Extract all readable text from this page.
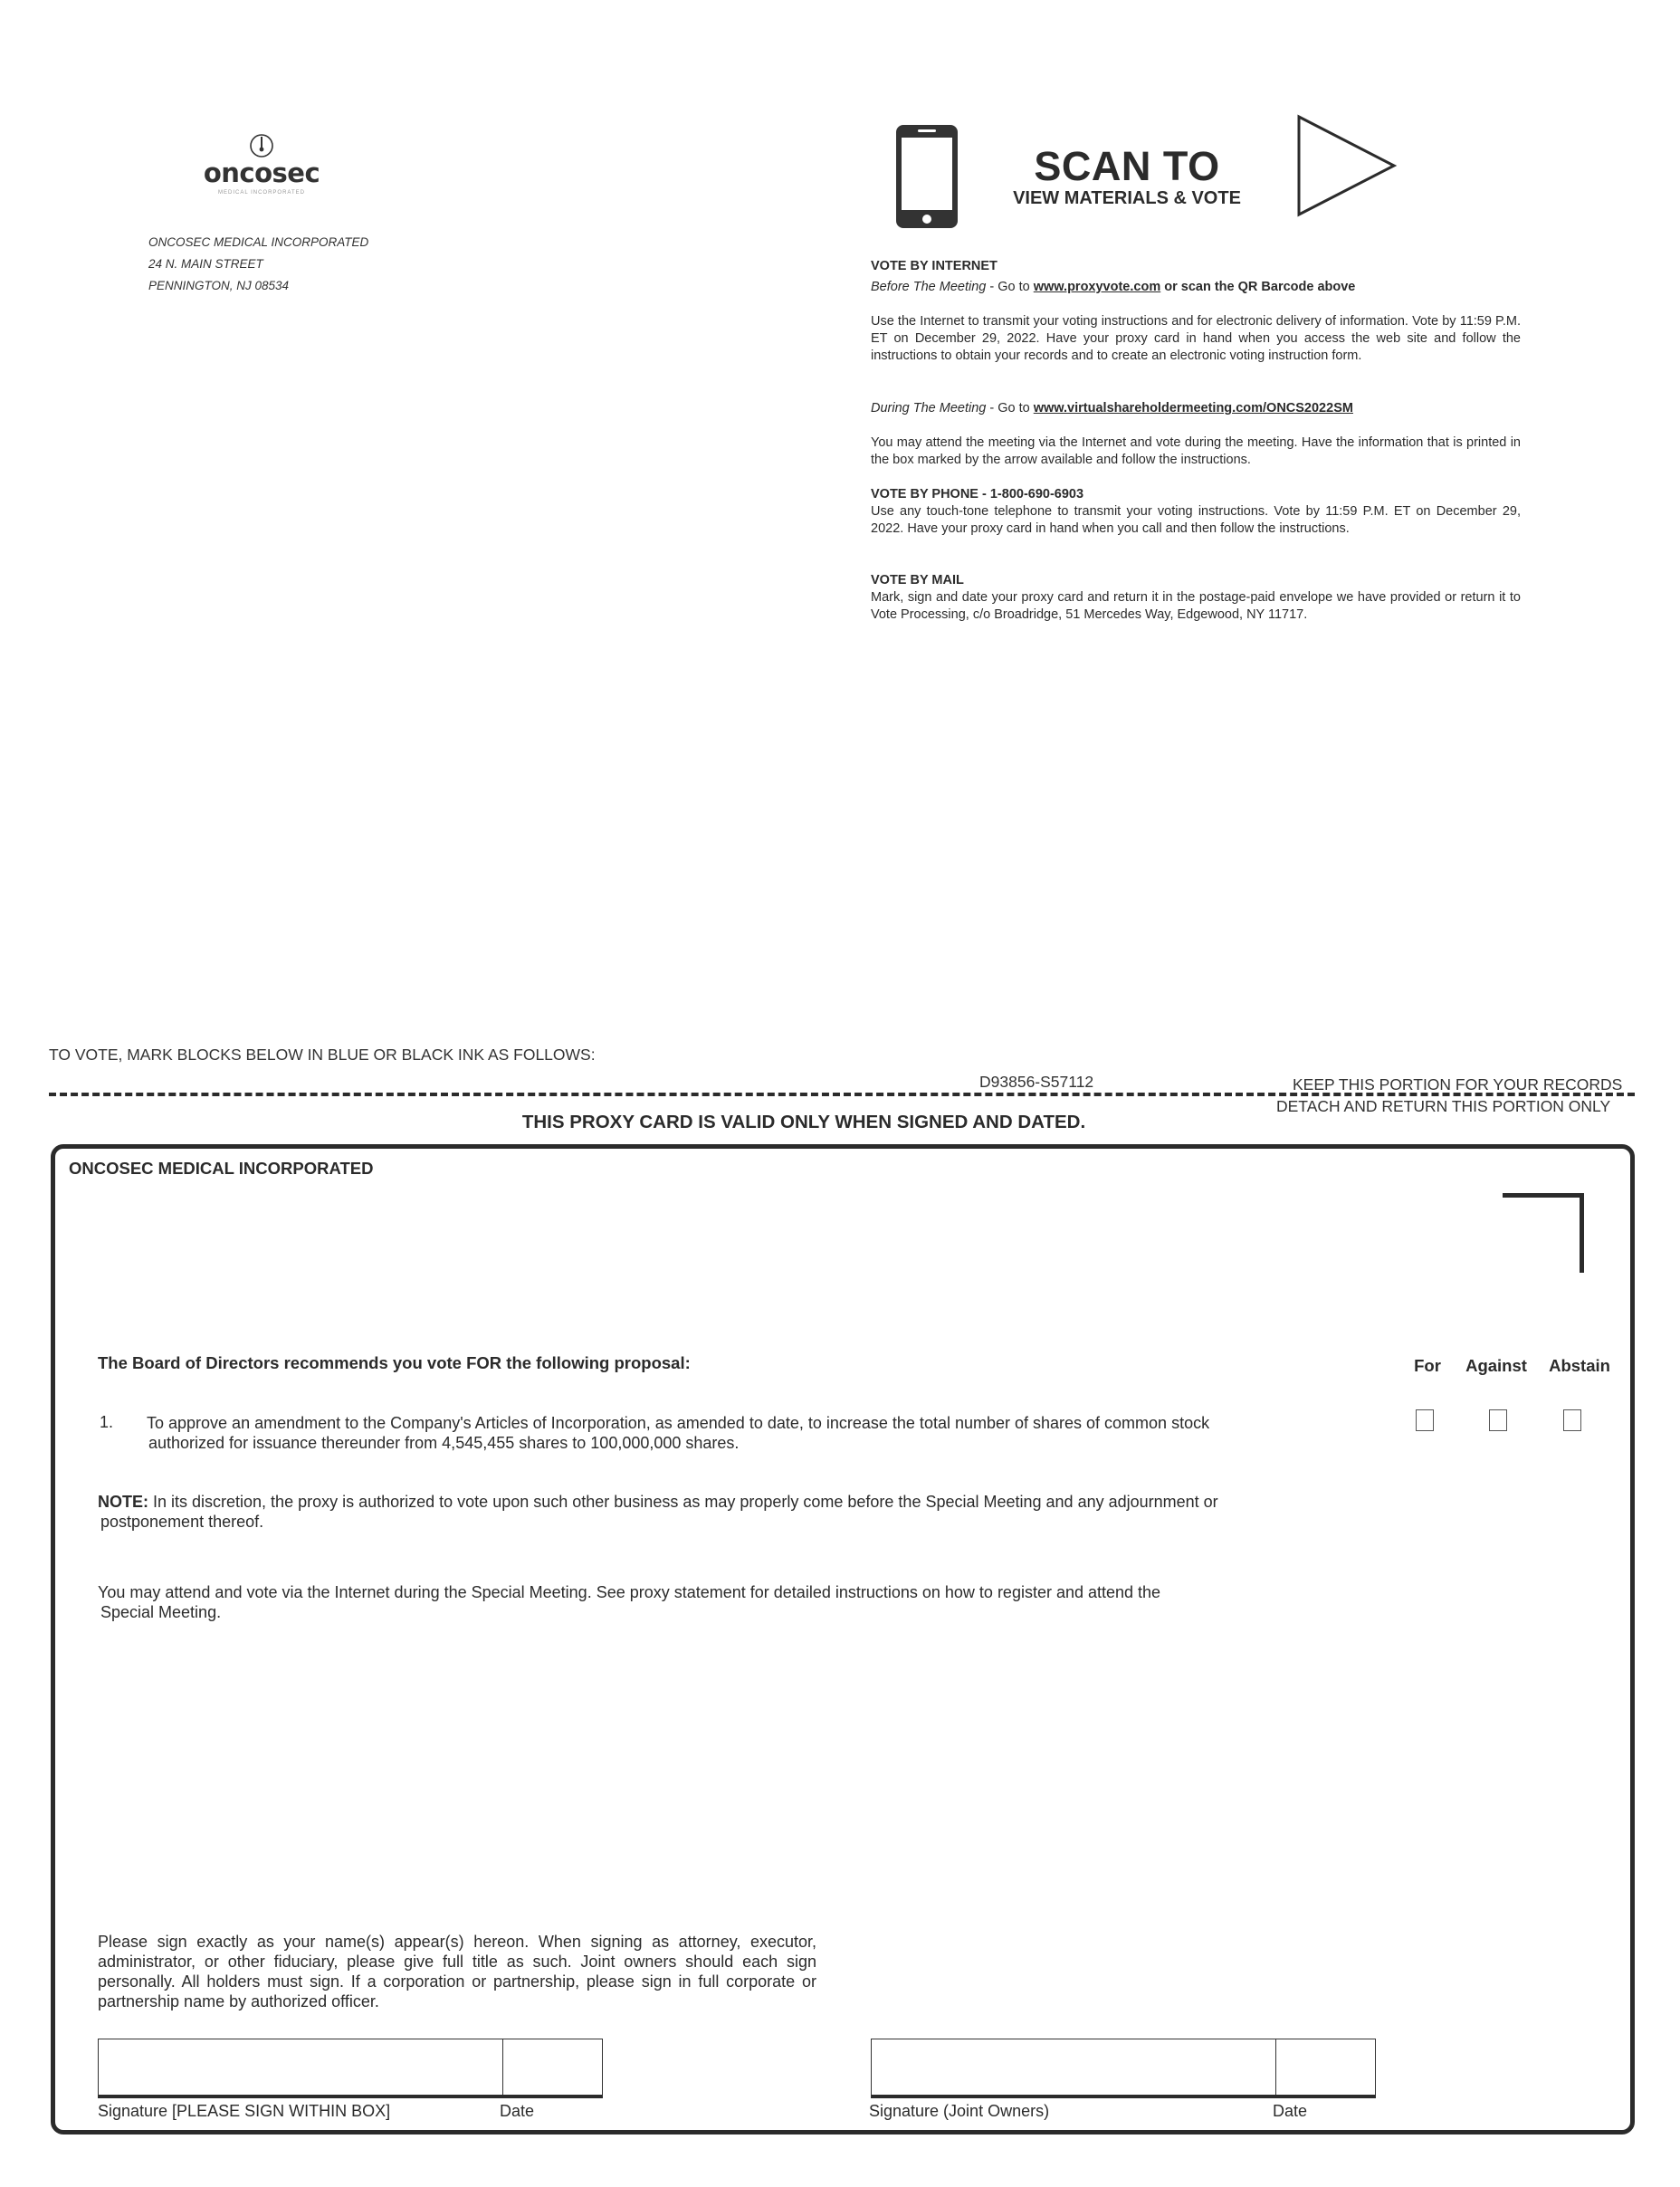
oncosec
MEDICAL INCORPORATED
ONCOSEC MEDICAL INCORPORATED
24 N. MAIN STREET
PENNINGTON, NJ 08534
SCAN TO
VIEW MATERIALS & VOTE
VOTE BY INTERNET
Before The Meeting - Go to www.proxyvote.com or scan the QR Barcode above
Use the Internet to transmit your voting instructions and for electronic delivery of information. Vote by 11:59 P.M. ET on December 29, 2022. Have your proxy card in hand when you access the web site and follow the instructions to obtain your records and to create an electronic voting instruction form.
During The Meeting - Go to www.virtualshareholdermeeting.com/ONCS2022SM
You may attend the meeting via the Internet and vote during the meeting. Have the information that is printed in the box marked by the arrow available and follow the instructions.
VOTE BY PHONE - 1-800-690-6903
Use any touch-tone telephone to transmit your voting instructions. Vote by 11:59 P.M. ET on December 29, 2022. Have your proxy card in hand when you call and then follow the instructions.
VOTE BY MAIL
Mark, sign and date your proxy card and return it in the postage-paid envelope we have provided or return it to Vote Processing, c/o Broadridge, 51 Mercedes Way, Edgewood, NY 11717.
TO VOTE, MARK BLOCKS BELOW IN BLUE OR BLACK INK AS FOLLOWS:
D93856-S57112	KEEP THIS PORTION FOR YOUR RECORDS
DETACH AND RETURN THIS PORTION ONLY
THIS PROXY CARD IS VALID ONLY WHEN SIGNED AND DATED.
ONCOSEC MEDICAL INCORPORATED
The Board of Directors recommends you vote FOR the following proposal:	For	Against	Abstain
1. To approve an amendment to the Company's Articles of Incorporation, as amended to date, to increase the total number of shares of common stock
authorized for issuance thereunder from 4,545,455 shares to 100,000,000 shares.
NOTE: In its discretion, the proxy is authorized to vote upon such other business as may properly come before the Special Meeting and any adjournment or
postponement thereof.
You may attend and vote via the Internet during the Special Meeting. See proxy statement for detailed instructions on how to register and attend the
Special Meeting.
Please sign exactly as your name(s) appear(s) hereon. When signing as attorney, executor, administrator, or other fiduciary, please give full title as such. Joint owners should each sign personally. All holders must sign. If a corporation or partnership, please sign in full corporate or partnership name by authorized officer.
Signature [PLEASE SIGN WITHIN BOX]	Date	Signature (Joint Owners)	Date
